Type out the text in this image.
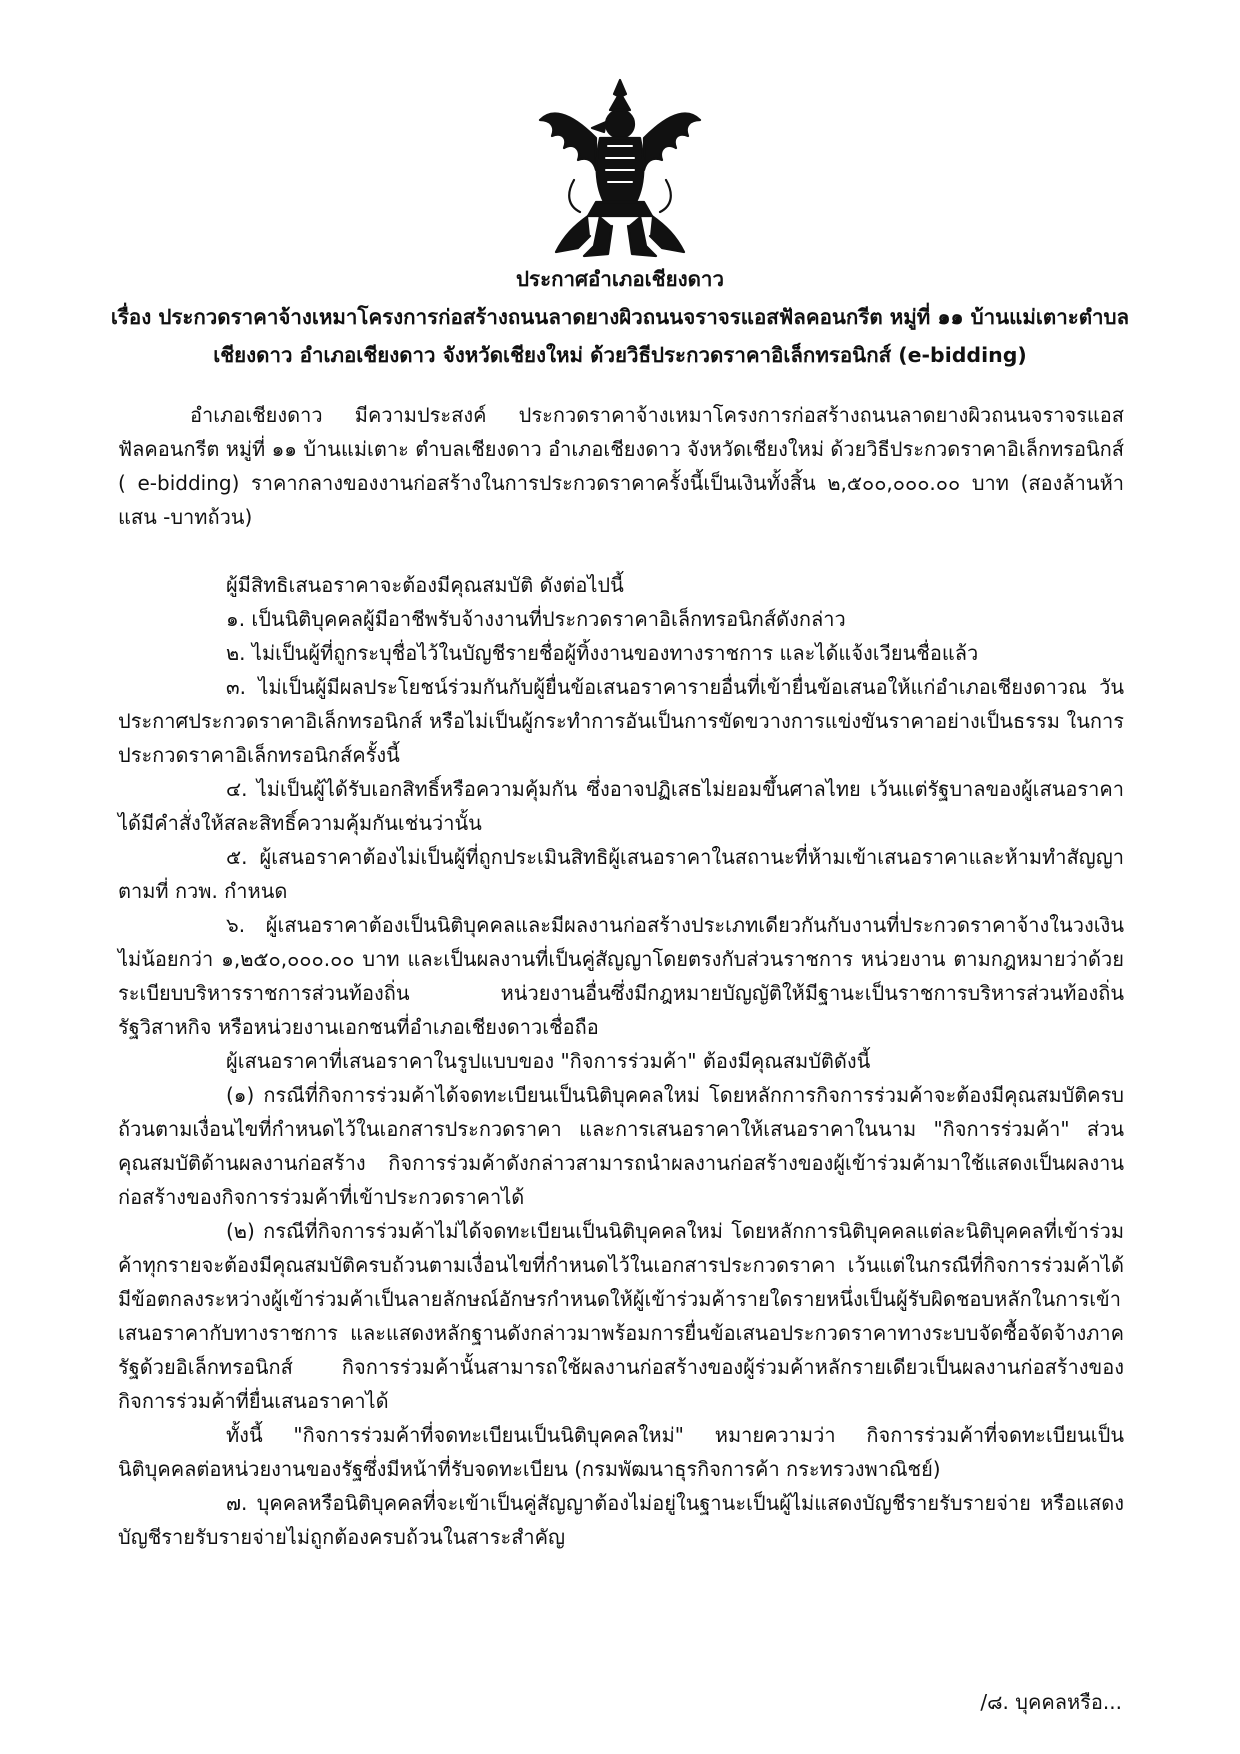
ประกาศอำเภอเชียงดาว
เรื่อง ประกวดราคาจ้างเหมาโครงการก่อสร้างถนนลาดยางผิวถนนจราจรแอสฟัลคอนกรีต หมู่ที่ ๑๑ บ้านแม่เตาะตำบล
เชียงดาว อำเภอเชียงดาว จังหวัดเชียงใหม่ ด้วยวิธีประกวดราคาอิเล็กทรอนิกส์ (e-bidding)

อำเภอเชียงดาว มีความประสงค์ ประกวดราคาจ้างเหมาโครงการก่อสร้างถนนลาดยางผิวถนนจราจรแอสฟัลคอนกรีต หมู่ที่ ๑๑ บ้านแม่เตาะ ตำบลเชียงดาว อำเภอเชียงดาว จังหวัดเชียงใหม่ ด้วยวิธีประกวดราคาอิเล็กทรอนิกส์ ( e-bidding) ราคากลางของงานก่อสร้างในการประกวดราคาครั้งนี้เป็นเงินทั้งสิ้น ๒,๕๐๐,๐๐๐.๐๐ บาท (สองล้านห้าแสน -บาทถ้วน)

ผู้มีสิทธิเสนอราคาจะต้องมีคุณสมบัติ ดังต่อไปนี้

๑. เป็นนิติบุคคลผู้มีอาชีพรับจ้างงานที่ประกวดราคาอิเล็กทรอนิกส์ดังกล่าว

๒. ไม่เป็นผู้ที่ถูกระบุชื่อไว้ในบัญชีรายชื่อผู้ทิ้งงานของทางราชการ และได้แจ้งเวียนชื่อแล้ว

๓. ไม่เป็นผู้มีผลประโยชน์ร่วมกันกับผู้ยื่นข้อเสนอราคารายอื่นที่เข้ายื่นข้อเสนอให้แก่อำเภอเชียงดาวณ วันประกาศประกวดราคาอิเล็กทรอนิกส์ หรือไม่เป็นผู้กระทำการอันเป็นการขัดขวางการแข่งขันราคาอย่างเป็นธรรม ในการประกวดราคาอิเล็กทรอนิกส์ครั้งนี้

๔. ไม่เป็นผู้ได้รับเอกสิทธิ์หรือความคุ้มกัน ซึ่งอาจปฏิเสธไม่ยอมขึ้นศาลไทย เว้นแต่รัฐบาลของผู้เสนอราคาได้มีคำสั่งให้สละสิทธิ์ความคุ้มกันเช่นว่านั้น

๕. ผู้เสนอราคาต้องไม่เป็นผู้ที่ถูกประเมินสิทธิผู้เสนอราคาในสถานะที่ห้ามเข้าเสนอราคาและห้ามทำสัญญาตามที่ กวพ. กำหนด

๖. ผู้เสนอราคาต้องเป็นนิติบุคคลและมีผลงานก่อสร้างประเภทเดียวกันกับงานที่ประกวดราคาจ้างในวงเงินไม่น้อยกว่า ๑,๒๕๐,๐๐๐.๐๐ บาท และเป็นผลงานที่เป็นคู่สัญญาโดยตรงกับส่วนราชการ หน่วยงาน ตามกฎหมายว่าด้วยระเบียบบริหารราชการส่วนท้องถิ่น หน่วยงานอื่นซึ่งมีกฎหมายบัญญัติให้มีฐานะเป็นราชการบริหารส่วนท้องถิ่น รัฐวิสาหกิจ หรือหน่วยงานเอกชนที่อำเภอเชียงดาวเชื่อถือ

ผู้เสนอราคาที่เสนอราคาในรูปแบบของ "กิจการร่วมค้า" ต้องมีคุณสมบัติดังนี้

(๑) กรณีที่กิจการร่วมค้าได้จดทะเบียนเป็นนิติบุคคลใหม่ โดยหลักการกิจการร่วมค้าจะต้องมีคุณสมบัติครบถ้วนตามเงื่อนไขที่กำหนดไว้ในเอกสารประกวดราคา และการเสนอราคาให้เสนอราคาในนาม "กิจการร่วมค้า" ส่วนคุณสมบัติด้านผลงานก่อสร้าง กิจการร่วมค้าดังกล่าวสามารถนำผลงานก่อสร้างของผู้เข้าร่วมค้ามาใช้แสดงเป็นผลงานก่อสร้างของกิจการร่วมค้าที่เข้าประกวดราคาได้

(๒) กรณีที่กิจการร่วมค้าไม่ได้จดทะเบียนเป็นนิติบุคคลใหม่ โดยหลักการนิติบุคคลแต่ละนิติบุคคลที่เข้าร่วมค้าทุกรายจะต้องมีคุณสมบัติครบถ้วนตามเงื่อนไขที่กำหนดไว้ในเอกสารประกวดราคา เว้นแต่ในกรณีที่กิจการร่วมค้าได้มีข้อตกลงระหว่างผู้เข้าร่วมค้าเป็นลายลักษณ์อักษรกำหนดให้ผู้เข้าร่วมค้ารายใดรายหนึ่งเป็นผู้รับผิดชอบหลักในการเข้าเสนอราคากับทางราชการ และแสดงหลักฐานดังกล่าวมาพร้อมการยื่นข้อเสนอประกวดราคาทางระบบจัดซื้อจัดจ้างภาครัฐด้วยอิเล็กทรอนิกส์ กิจการร่วมค้านั้นสามารถใช้ผลงานก่อสร้างของผู้ร่วมค้าหลักรายเดียวเป็นผลงานก่อสร้างของกิจการร่วมค้าที่ยื่นเสนอราคาได้

ทั้งนี้ "กิจการร่วมค้าที่จดทะเบียนเป็นนิติบุคคลใหม่" หมายความว่า กิจการร่วมค้าที่จดทะเบียนเป็นนิติบุคคลต่อหน่วยงานของรัฐซึ่งมีหน้าที่รับจดทะเบียน (กรมพัฒนาธุรกิจการค้า กระทรวงพาณิชย์)

๗. บุคคลหรือนิติบุคคลที่จะเข้าเป็นคู่สัญญาต้องไม่อยู่ในฐานะเป็นผู้ไม่แสดงบัญชีรายรับรายจ่าย หรือแสดงบัญชีรายรับรายจ่ายไม่ถูกต้องครบถ้วนในสาระสำคัญ

/๘. บุคคลหรือ...
